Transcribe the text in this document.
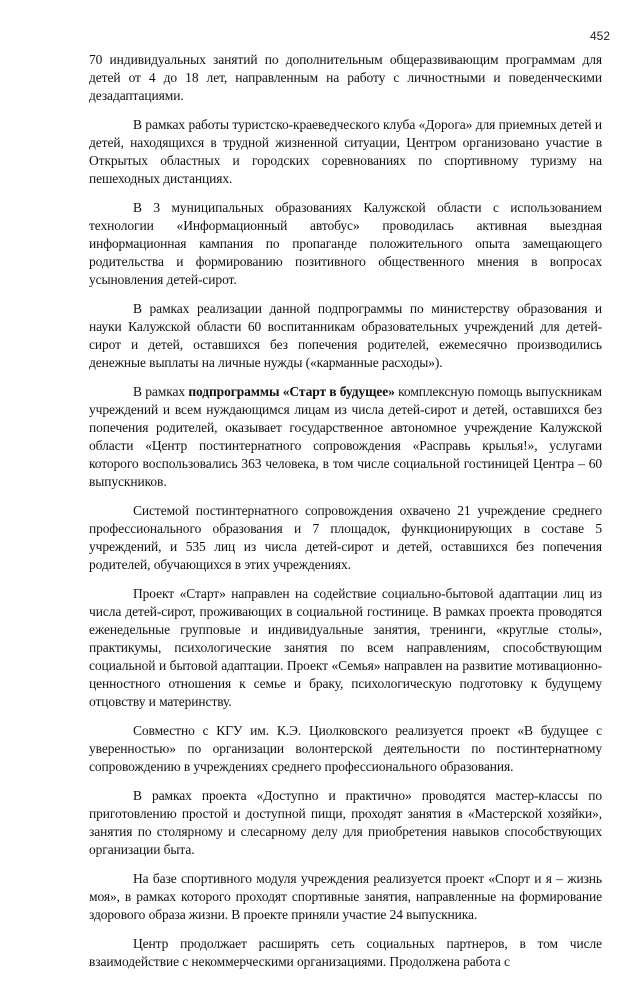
452

70 индивидуальных занятий по дополнительным общеразвивающим программам для детей от 4 до 18 лет, направленным на работу с личностными и поведенческими дезадаптациями.

В рамках работы туристско-краеведческого клуба «Дорога» для приемных детей и детей, находящихся в трудной жизненной ситуации, Центром организовано участие в Открытых областных и городских соревнованиях по спортивному туризму на пешеходных дистанциях.

В 3 муниципальных образованиях Калужской области с использованием технологии «Информационный автобус» проводилась активная выездная информационная кампания по пропаганде положительного опыта замещающего родительства и формированию позитивного общественного мнения в вопросах усыновления детей-сирот.

В рамках реализации данной подпрограммы по министерству образования и науки Калужской области 60 воспитанникам образовательных учреждений для детей-сирот и детей, оставшихся без попечения родителей, ежемесячно производились денежные выплаты на личные нужды («карманные расходы»).

В рамках подпрограммы «Старт в будущее» комплексную помощь выпускникам учреждений и всем нуждающимся лицам из числа детей-сирот и детей, оставшихся без попечения родителей, оказывает государственное автономное учреждение Калужской области «Центр постинтернатного сопровождения «Расправь крылья!», услугами которого воспользовались 363 человека, в том числе социальной гостиницей Центра – 60 выпускников.

Системой постинтернатного сопровождения охвачено 21 учреждение среднего профессионального образования и 7 площадок, функционирующих в составе 5 учреждений, и 535 лиц из числа детей-сирот и детей, оставшихся без попечения родителей, обучающихся в этих учреждениях.

Проект «Старт» направлен на содействие социально-бытовой адаптации лиц из числа детей-сирот, проживающих в социальной гостинице. В рамках проекта проводятся еженедельные групповые и индивидуальные занятия, тренинги, «круглые столы», практикумы, психологические занятия по всем направлениям, способствующим социальной и бытовой адаптации. Проект «Семья» направлен на развитие мотивационно-ценностного отношения к семье и браку, психологическую подготовку к будущему отцовству и материнству.

Совместно с КГУ им. К.Э. Циолковского реализуется проект «В будущее с уверенностью» по организации волонтерской деятельности по постинтернатному сопровождению в учреждениях среднего профессионального образования.

В рамках проекта «Доступно и практично» проводятся мастер-классы по приготовлению простой и доступной пищи, проходят занятия в «Мастерской хозяйки», занятия по столярному и слесарному делу для приобретения навыков способствующих организации быта.

На базе спортивного модуля учреждения реализуется проект «Спорт и я – жизнь моя», в рамках которого проходят спортивные занятия, направленные на формирование здорового образа жизни. В проекте приняли участие 24 выпускника.

Центр продолжает расширять сеть социальных партнеров, в том числе взаимодействие с некоммерческими организациями. Продолжена работа с
